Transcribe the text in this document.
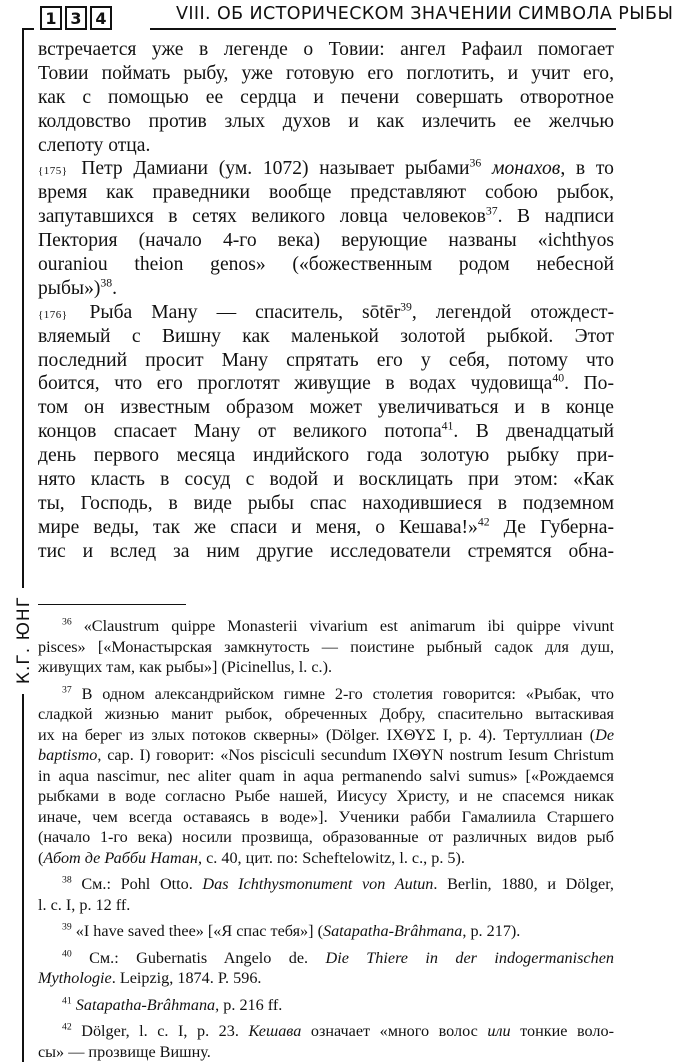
1 3 4	VIII. ОБ ИСТОРИЧЕСКОМ ЗНАЧЕНИИ СИМВОЛА РЫБЫ
К.Г. ЮНГ
встречается уже в легенде о Товии: ангел Рафаил помогает
Товии поймать рыбу, уже готовую его поглотить, и учит его,
как с помощью ее сердца и печени совершать отворотное
колдовство против злых духов и как излечить ее желчью
слепоту отца.
{175} Петр Дамиани (ум. 1072) называет рыбами$^{36}$ монахов, в то
время как праведники вообще представляют собою рыбок,
запутавшихся в сетях великого ловца человеков$^{37}$. В надписи
Пектория (начало 4-го века) верующие названы «ichthyos
ouraniou theion genos» («божественным родом небесной
рыбы»)$^{38}$.
{176} Рыба Ману — спаситель, sōtēr$^{39}$, легендой отождест-
вляемый с Вишну как маленькой золотой рыбкой. Этот
последний просит Ману спрятать его у себя, потому что
боится, что его проглотят живущие в водах чудовища$^{40}$. По-
том он известным образом может увеличиваться и в конце
концов спасает Ману от великого потопа$^{41}$. В двенадцатый
день первого месяца индийского года золотую рыбку при-
нято класть в сосуд с водой и восклицать при этом: «Как
ты, Господь, в виде рыбы спас находившиеся в подземном
мире веды, так же спаси и меня, о Кешава!»$^{42}$ Де Губерна-
тис и вслед за ним другие исследователи стремятся обна-
$^{36}$ «Claustrum quippe Monasterii vivarium est animarum ibi quippe vivunt
pisces» [«Монастырская замкнутость — поистине рыбный садок для душ,
живущих там, как рыбы»] (Picinellus, l. c.).
$^{37}$ В одном александрийском гимне 2-го столетия говорится: «Рыбак, что
сладкой жизнью манит рыбок, обреченных Добру, спасительно вытаскивая
их на берег из злых потоков скверны» (Dölger. ΙΧΘΥΣ I, p. 4). Тертуллиан (De
baptismo, cap. I) говорит: «Nos pisciculi secundum ΙΧΘΥΝ nostrum Iesum Christum
in aqua nascimur, nec aliter quam in aqua permanendo salvi sumus» [«Рождаемся
рыбками в воде согласно Рыбе нашей, Иисусу Христу, и не спасемся никак
иначе, чем всегда оставаясь в воде»]. Ученики рабби Гамалиила Старшего
(начало 1-го века) носили прозвища, образованные от различных видов рыб
(Абот де Рабби Натан, c. 40, цит. по: Scheftelowitz, l. c., p. 5).
$^{38}$ См.: Pohl Otto. Das Ichthysmonument von Autun. Berlin, 1880, и Dölger,
l. c. I, p. 12 ff.
$^{39}$ «I have saved thee» [«Я спас тебя»] (Satapatha-Brâhmana, p. 217).
$^{40}$ См.: Gubernatis Angelo de. Die Thiere in der indogermanischen
Mythologie. Leipzig, 1874. P. 596.
$^{41}$ Satapatha-Brâhmana, p. 216 ff.
$^{42}$ Dölger, l. c. I, p. 23. Кешава означает «много волос или тонкие воло-
сы» — прозвище Вишну.
